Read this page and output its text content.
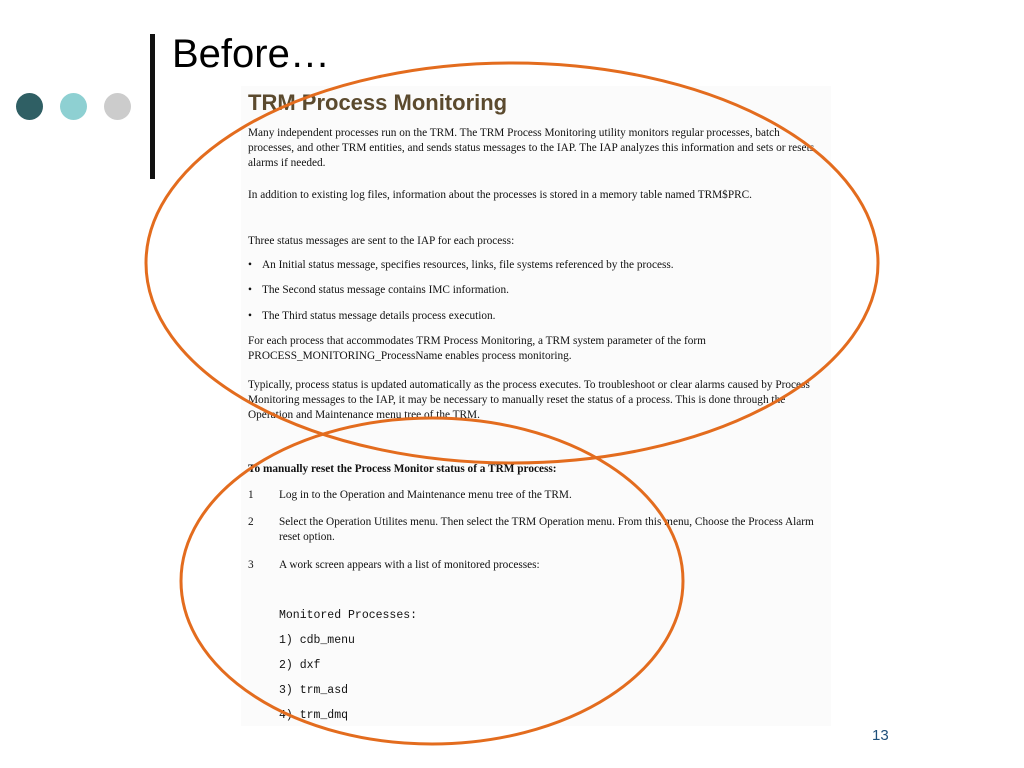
Before…
TRM Process Monitoring
Many independent processes run on the TRM. The TRM Process Monitoring utility monitors regular processes, batch processes, and other TRM entities, and sends status messages to the IAP. The IAP analyzes this information and sets or resets alarms if needed.
In addition to existing log files, information about the processes is stored in a memory table named TRM$PRC.
Three status messages are sent to the IAP for each process:
• An Initial status message, specifies resources, links, file systems referenced by the process.
• The Second status message contains IMC information.
• The Third status message details process execution.
For each process that accommodates TRM Process Monitoring, a TRM system parameter of the form PROCESS_MONITORING_ProcessName enables process monitoring.
Typically, process status is updated automatically as the process executes. To troubleshoot or clear alarms caused by Process Monitoring messages to the IAP, it may be necessary to manually reset the status of a process. This is done through the Operation and Maintenance menu tree of the TRM.
To manually reset the Process Monitor status of a TRM process:
1 Log in to the Operation and Maintenance menu tree of the TRM.
2 Select the Operation Utilites menu. Then select the TRM Operation menu. From this menu, Choose the Process Alarm reset option.
3 A work screen appears with a list of monitored processes:
Monitored Processes:
1) cdb_menu
2) dxf
3) trm_asd
4) trm_dmq
13
